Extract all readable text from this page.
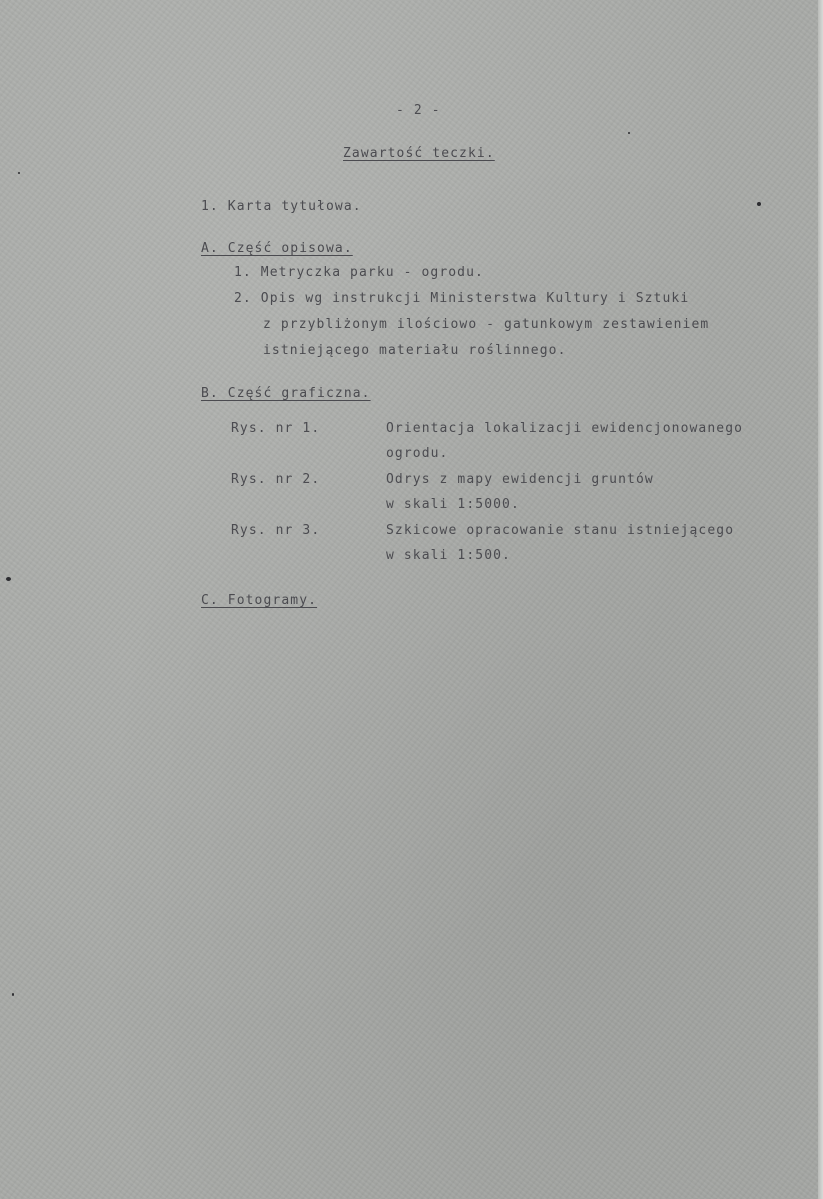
- 2 -
Zawartość teczki.
1. Karta tytułowa.
A. Część opisowa.
1. Metryczka parku - ogrodu.
2. Opis wg instrukcji Ministerstwa Kultury i Sztuki
z przybliżonym ilościowo - gatunkowym zestawieniem
istniejącego materiału roślinnego.
B. Część graficzna.
Rys. nr 1.	Orientacja lokalizacji ewidencjonowanego
ogrodu.
Rys. nr 2.	Odrys z mapy ewidencji gruntów
w skali 1:5000.
Rys. nr 3.	Szkicowe opracowanie stanu istniejącego
w skali 1:500.
C. Fotogramy.
